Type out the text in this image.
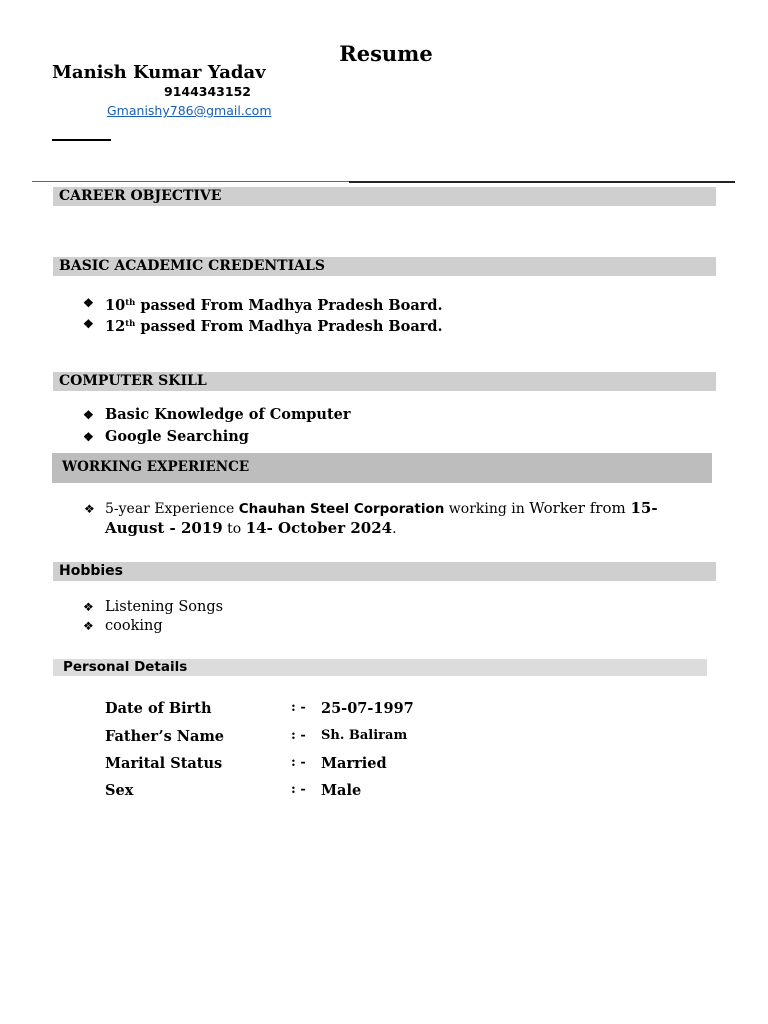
Resume
Manish Kumar Yadav
9144343152
Gmanishy786@gmail.com
CAREER OBJECTIVE
BASIC ACADEMIC CREDENTIALS
❖ 10th passed From Madhya Pradesh Board.
❖ 12th passed From Madhya Pradesh Board.
COMPUTER SKILL
❖ Basic Knowledge of Computer
❖ Google Searching
WORKING EXPERIENCE
❖ 5-year Experience Chauhan Steel Corporation working in Worker from 15-August - 2019 to 14- October 2024.
Hobbies
❖ Listening Songs
❖ cooking
Personal Details
Date of Birth	: - 25-07-1997
Father’s Name	: - Sh. Baliram
Marital Status	: - Married
Sex	: - Male
